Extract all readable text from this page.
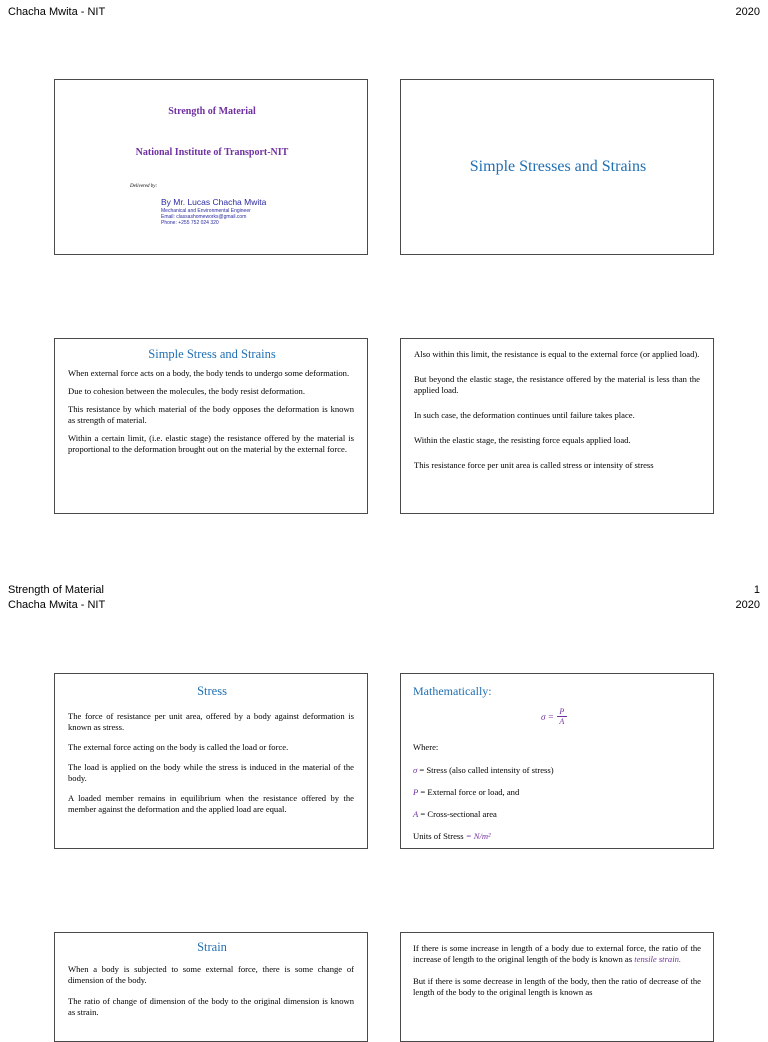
Chacha Mwita - NIT	2020
Strength of Material
National Institute of Transport-NIT
Delivered by:
By Mr. Lucas Chacha Mwita
Mechanical and Environmental Engineer
Email: classashomeworks@gmail.com
Phone: +255 752 024 320
Simple Stresses and Strains
Simple Stress and Strains

When external force acts on a body, the body tends to undergo some deformation.

Due to cohesion between the molecules, the body resist deformation.

This resistance by which material of the body opposes the deformation is known as strength of material.

Within a certain limit, (i.e. elastic stage) the resistance offered by the material is proportional to the deformation brought out on the material by the external force.

Also within this limit, the resistance is equal to the external force (or applied load).

But beyond the elastic stage, the resistance offered by the material is less than the applied load.

In such case, the deformation continues until failure takes place.

Within the elastic stage, the resisting force equals applied load.

This resistance force per unit area is called stress or intensity of stress

Strength of Material	1
Chacha Mwita - NIT	2020
Stress

The force of resistance per unit area, offered by a body against deformation is known as stress.

The external force acting on the body is called the load or force.

The load is applied on the body while the stress is induced in the material of the body.

A loaded member remains in equilibrium when the resistance offered by the member against the deformation and the applied load are equal.

Mathematically:
σ = P
A

Where:

σ = Stress (also called intensity of stress)

P = External force or load, and

A = Cross-sectional area

Units of Stress = N/m²

Strain

When a body is subjected to some external force, there is some change of dimension of the body.

The ratio of change of dimension of the body to the original dimension is known as strain.

If there is some increase in length of a body due to external force, the ratio of the increase of length to the original length of the body is known as tensile strain.

But if there is some decrease in length of the body, then the ratio of decrease of the length of the body to the original length is known as
